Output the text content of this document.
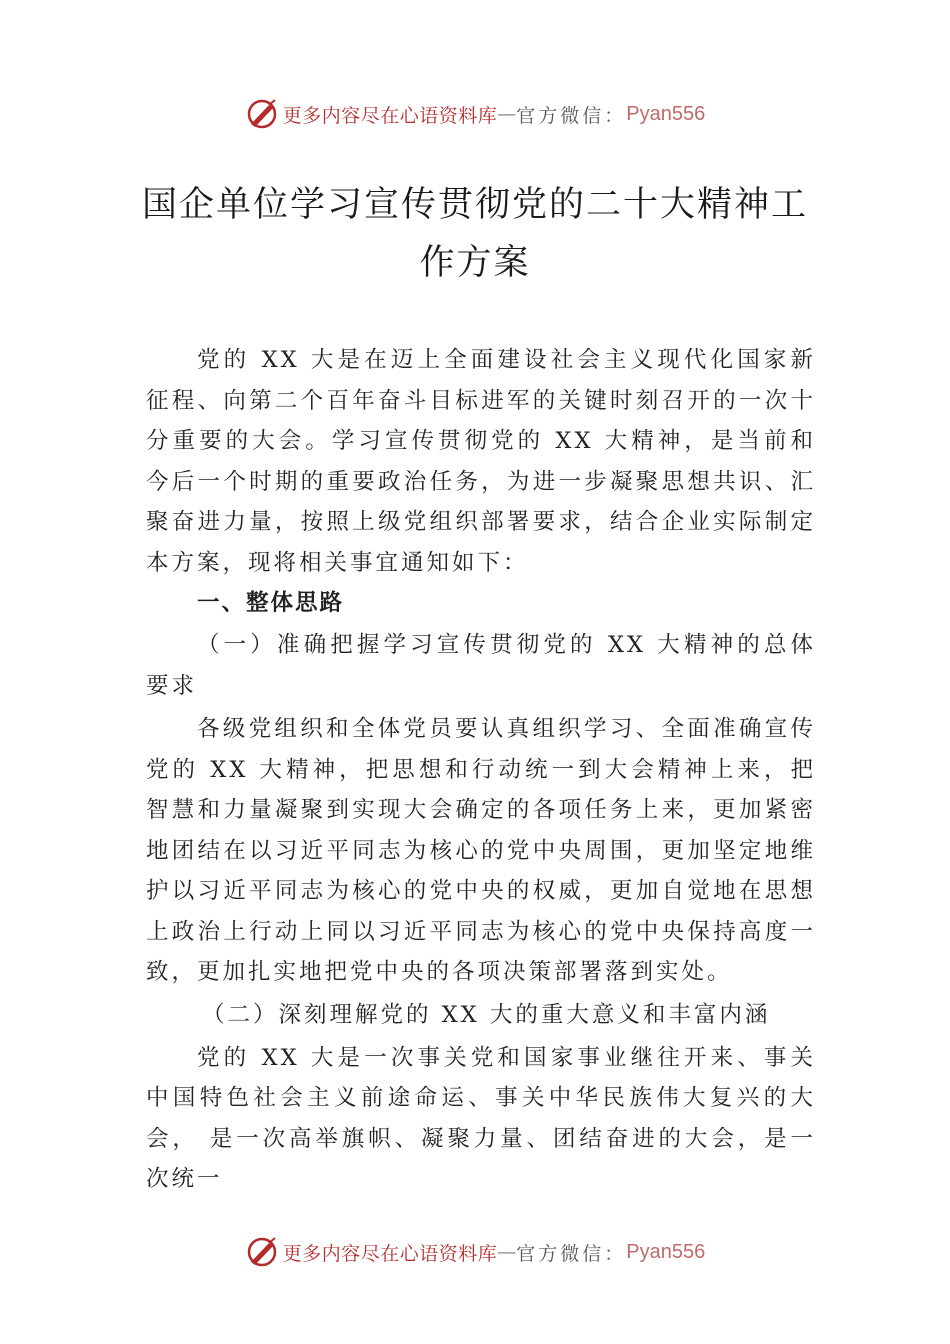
更多内容尽在心语资料库 — 官方微信： Pyan556
国企单位学习宣传贯彻党的二十大精神工作方案

党的 XX 大是在迈上全面建设社会主义现代化国家新征程、向第二个百年奋斗目标进军的关键时刻召开的一次十分重要的大会。学习宣传贯彻党的 XX 大精神，是当前和今后一个时期的重要政治任务，为进一步凝聚思想共识、汇聚奋进力量，按照上级党组织部署要求，结合企业实际制定本方案，现将相关事宜通知如下：

一、整体思路

（一）准确把握学习宣传贯彻党的 XX 大精神的总体要求

各级党组织和全体党员要认真组织学习、全面准确宣传党的 XX 大精神，把思想和行动统一到大会精神上来，把智慧和力量凝聚到实现大会确定的各项任务上来，更加紧密地团结在以习近平同志为核心的党中央周围，更加坚定地维护以习近平同志为核心的党中央的权威，更加自觉地在思想上政治上行动上同以习近平同志为核心的党中央保持高度一致，更加扎实地把党中央的各项决策部署落到实处。

（二）深刻理解党的 XX 大的重大意义和丰富内涵

党的 XX 大是一次事关党和国家事业继往开来、事关中国特色社会主义前途命运、事关中华民族伟大复兴的大会， 是一次高举旗帜、凝聚力量、团结奋进的大会，是一次统一

更多内容尽在心语资料库 — 官方微信： Pyan556
